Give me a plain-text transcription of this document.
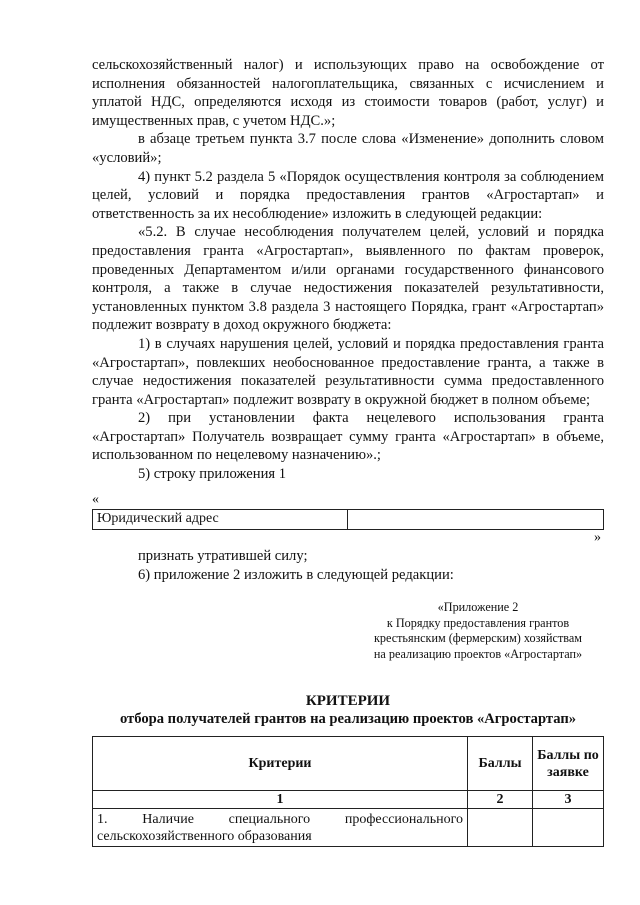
сельскохозяйственный налог) и использующих право на освобождение от исполнения обязанностей налогоплательщика, связанных с исчислением и уплатой НДС, определяются исходя из стоимости товаров (работ, услуг) и имущественных прав, с учетом НДС.»;

в абзаце третьем пункта 3.7 после слова «Изменение» дополнить словом «условий»;

4) пункт 5.2 раздела 5 «Порядок осуществления контроля за соблюдением целей, условий и порядка предоставления грантов «Агростартап» и ответственность за их несоблюдение» изложить в следующей редакции:

«5.2. В случае несоблюдения получателем целей, условий и порядка предоставления гранта «Агростартап», выявленного по фактам проверок, проведенных Департаментом и/или органами государственного финансового контроля, а также в случае недостижения показателей результативности, установленных пунктом 3.8 раздела 3 настоящего Порядка, грант «Агростартап» подлежит возврату в доход окружного бюджета:

1) в случаях нарушения целей, условий и порядка предоставления гранта «Агростартап», повлекших необоснованное предоставление гранта, а также в случае недостижения показателей результативности сумма предоставленного гранта «Агростартап» подлежит возврату в окружной бюджет в полном объеме;

2) при установлении факта нецелевого использования гранта «Агростартап» Получатель возвращает сумму гранта «Агростартап» в объеме, использованном по нецелевому назначению».;

5) строку приложения 1

«
Юридический адрес	
»

признать утратившей силу;

6) приложение 2 изложить в следующей редакции:

«Приложение 2
к Порядку предоставления грантов
крестьянским (фермерским) хозяйствам
на реализацию проектов «Агростартап»
КРИТЕРИИ
отбора получателей грантов на реализацию проектов «Агростартап»
Критерии	Баллы	Баллы по заявке
1	2	3
1. Наличие специального профессионального сельскохозяйственного образования		
